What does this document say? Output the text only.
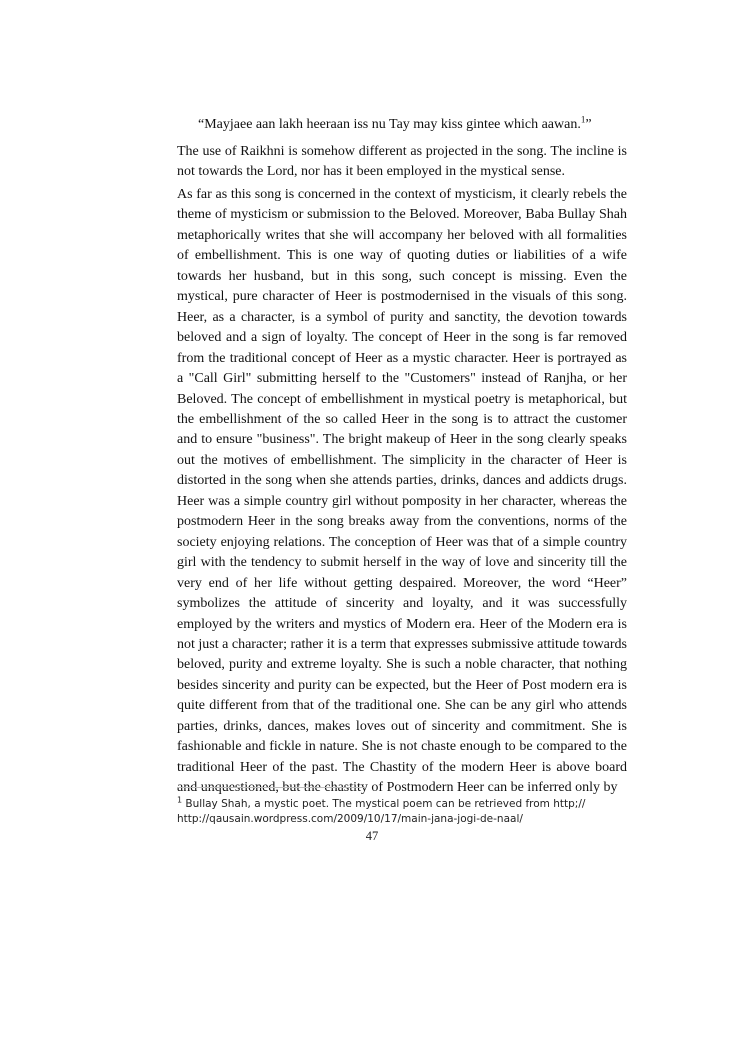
“Mayjaee aan lakh heeraan iss nu Tay may kiss gintee which aawan.$^1$”

The use of Raikhni is somehow different as projected in the song. The incline is not towards the Lord, nor has it been employed in the mystical sense.

As far as this song is concerned in the context of mysticism, it clearly rebels the theme of mysticism or submission to the Beloved. Moreover, Baba Bullay Shah metaphorically writes that she will accompany her beloved with all formalities of embellishment. This is one way of quoting duties or liabilities of a wife towards her husband, but in this song, such concept is missing. Even the mystical, pure character of Heer is postmodernised in the visuals of this song. Heer, as a character, is a symbol of purity and sanctity, the devotion towards beloved and a sign of loyalty. The concept of Heer in the song is far removed from the traditional concept of Heer as a mystic character. Heer is portrayed as a "Call Girl" submitting herself to the "Customers" instead of Ranjha, or her Beloved. The concept of embellishment in mystical poetry is metaphorical, but the embellishment of the so called Heer in the song is to attract the customer and to ensure "business". The bright makeup of Heer in the song clearly speaks out the motives of embellishment. The simplicity in the character of Heer is distorted in the song when she attends parties, drinks, dances and addicts drugs. Heer was a simple country girl without pomposity in her character, whereas the postmodern Heer in the song breaks away from the conventions, norms of the society enjoying relations. The conception of Heer was that of a simple country girl with the tendency to submit herself in the way of love and sincerity till the very end of her life without getting despaired. Moreover, the word “Heer” symbolizes the attitude of sincerity and loyalty, and it was successfully employed by the writers and mystics of Modern era. Heer of the Modern era is not just a character; rather it is a term that expresses submissive attitude towards beloved, purity and extreme loyalty. She is such a noble character, that nothing besides sincerity and purity can be expected, but the Heer of Post modern era is quite different from that of the traditional one. She can be any girl who attends parties, drinks, dances, makes loves out of sincerity and commitment. She is fashionable and fickle in nature. She is not chaste enough to be compared to the traditional Heer of the past. The Chastity of the modern Heer is above board and unquestioned, but the chastity of Postmodern Heer can be inferred only by

$^1$ Bullay Shah, a mystic poet. The mystical poem can be retrieved from http;// http://qausain.wordpress.com/2009/10/17/main-jana-jogi-de-naal/
47
